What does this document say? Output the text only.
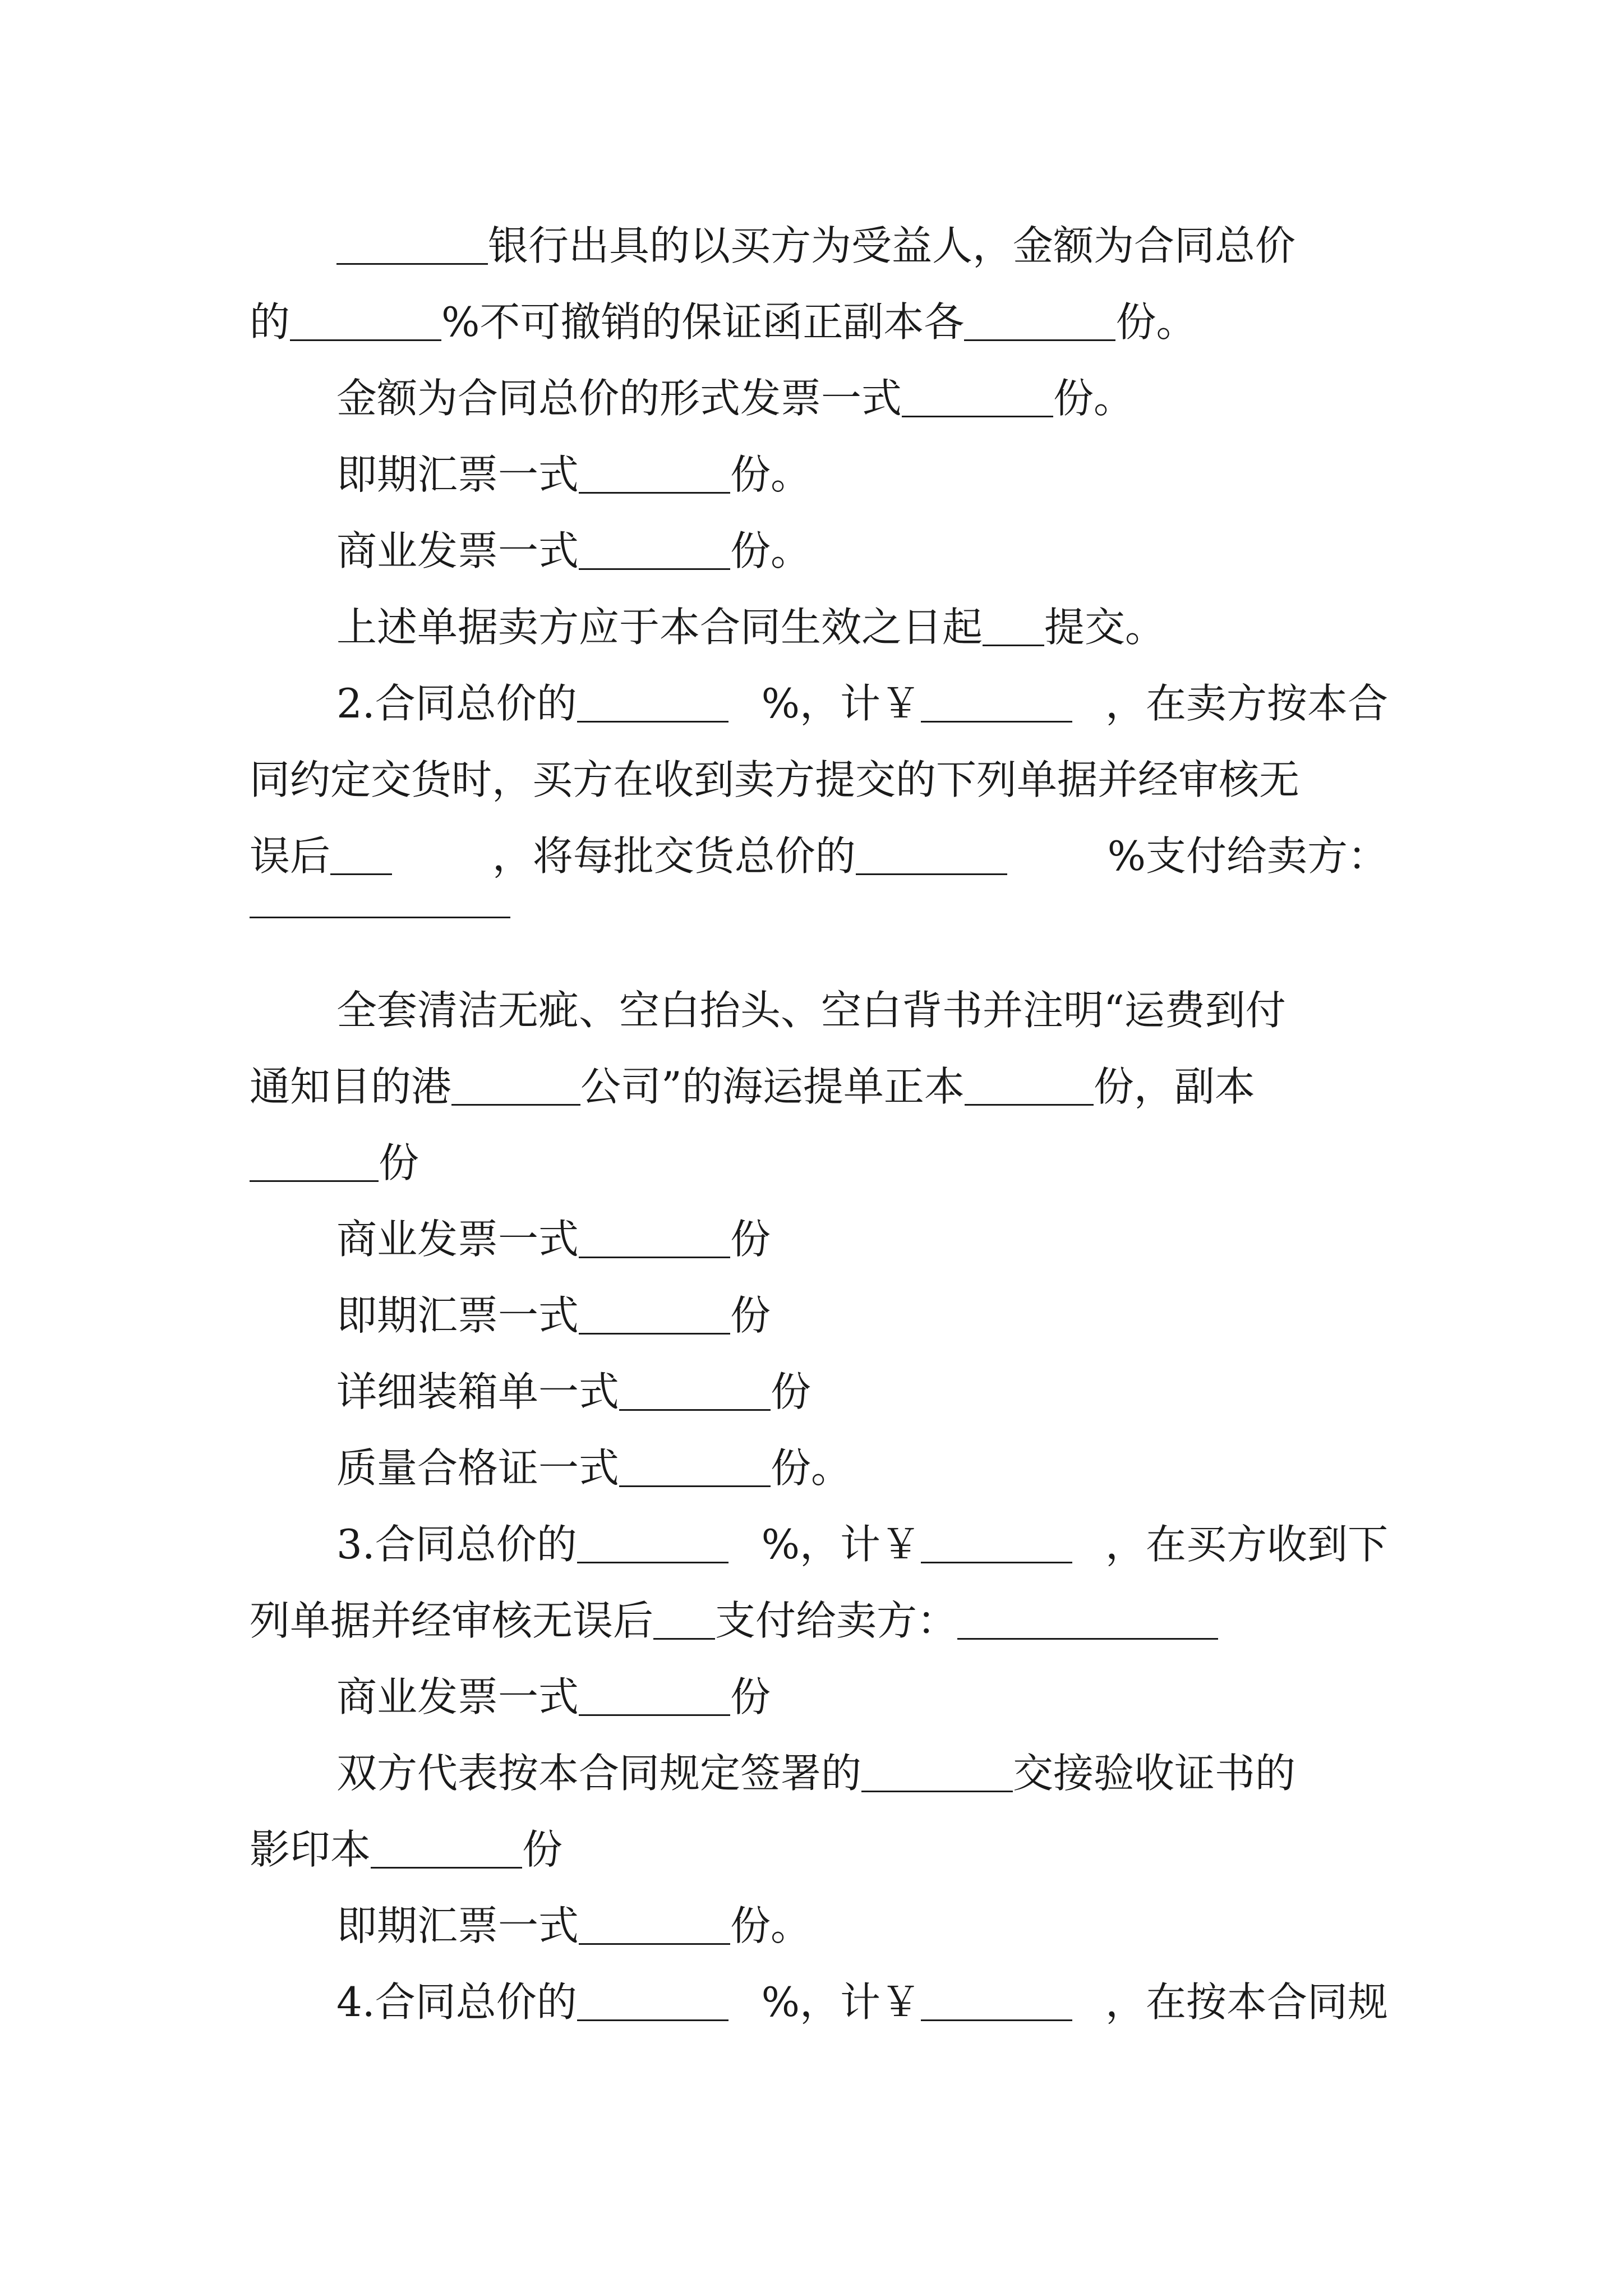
银行出具的以买方为受益人，金额为合同总价
的	%不可撤销的保证函正副本各	份。
金额为合同总价的形式发票一式	份。
即期汇票一式	份。
商业发票一式	份。
上述单据卖方应于本合同生效之日起 提交。
2.合同总价的	%，计￥	，在卖方按本合
同约定交货时，买方在收到卖方提交的下列单据并经审核无
误后	，将每批交货总价的	%支付给卖方：
全套清洁无疵、空白抬头、空白背书并注明“运费到付
通知目的港	公司”的海运提单正本	份，副本
份
商业发票一式	份
即期汇票一式	份
详细装箱单一式	份
质量合格证一式	份。
3.合同总价的	%，计￥	，在买方收到下
列单据并经审核无误后 支付给卖方：
商业发票一式	份
双方代表按本合同规定签署的	交接验收证书的
影印本	份
即期汇票一式	份。
4.合同总价的	%，计￥	，在按本合同规
